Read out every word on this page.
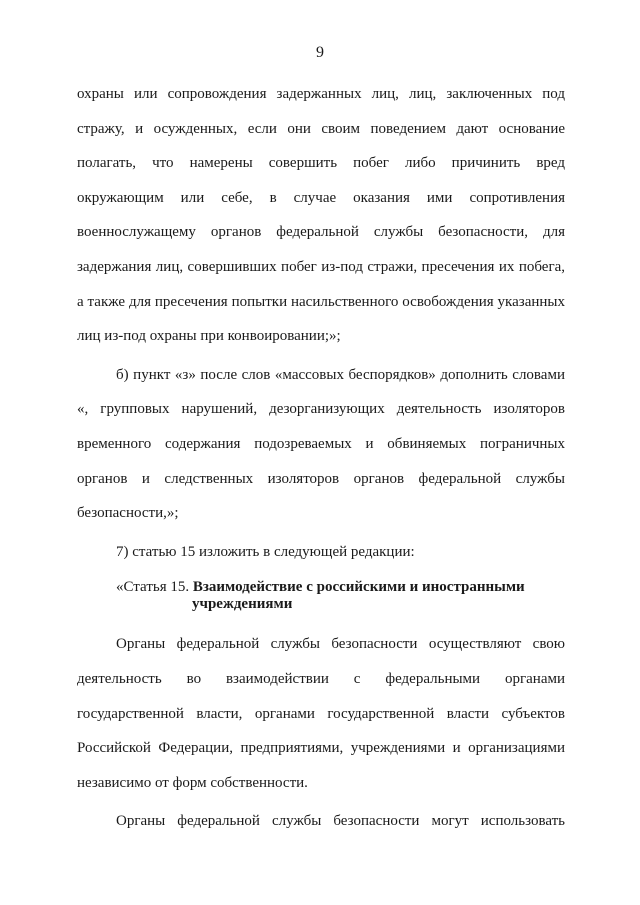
9

охраны или сопровождения задержанных лиц, лиц, заключенных под стражу, и осужденных, если они своим поведением дают основание полагать, что намерены совершить побег либо причинить вред окружающим или себе, в случае оказания ими сопротивления военнослужащему органов федеральной службы безопасности, для задержания лиц, совершивших побег из-под стражи, пресечения их побега, а также для пресечения попытки насильственного освобождения указанных лиц из-под охраны при конвоировании;»;

б) пункт «з» после слов «массовых беспорядков» дополнить словами «, групповых нарушений, дезорганизующих деятельность изоляторов временного содержания подозреваемых и обвиняемых пограничных органов и следственных изоляторов органов федеральной службы безопасности,»;

7) статью 15 изложить в следующей редакции:

«Статья 15. Взаимодействие с российскими и иностранными
учреждениями

Органы федеральной службы безопасности осуществляют свою деятельность во взаимодействии с федеральными органами государственной власти, органами государственной власти субъектов Российской Федерации, предприятиями, учреждениями и организациями независимо от форм собственности.

Органы федеральной службы безопасности могут использовать
